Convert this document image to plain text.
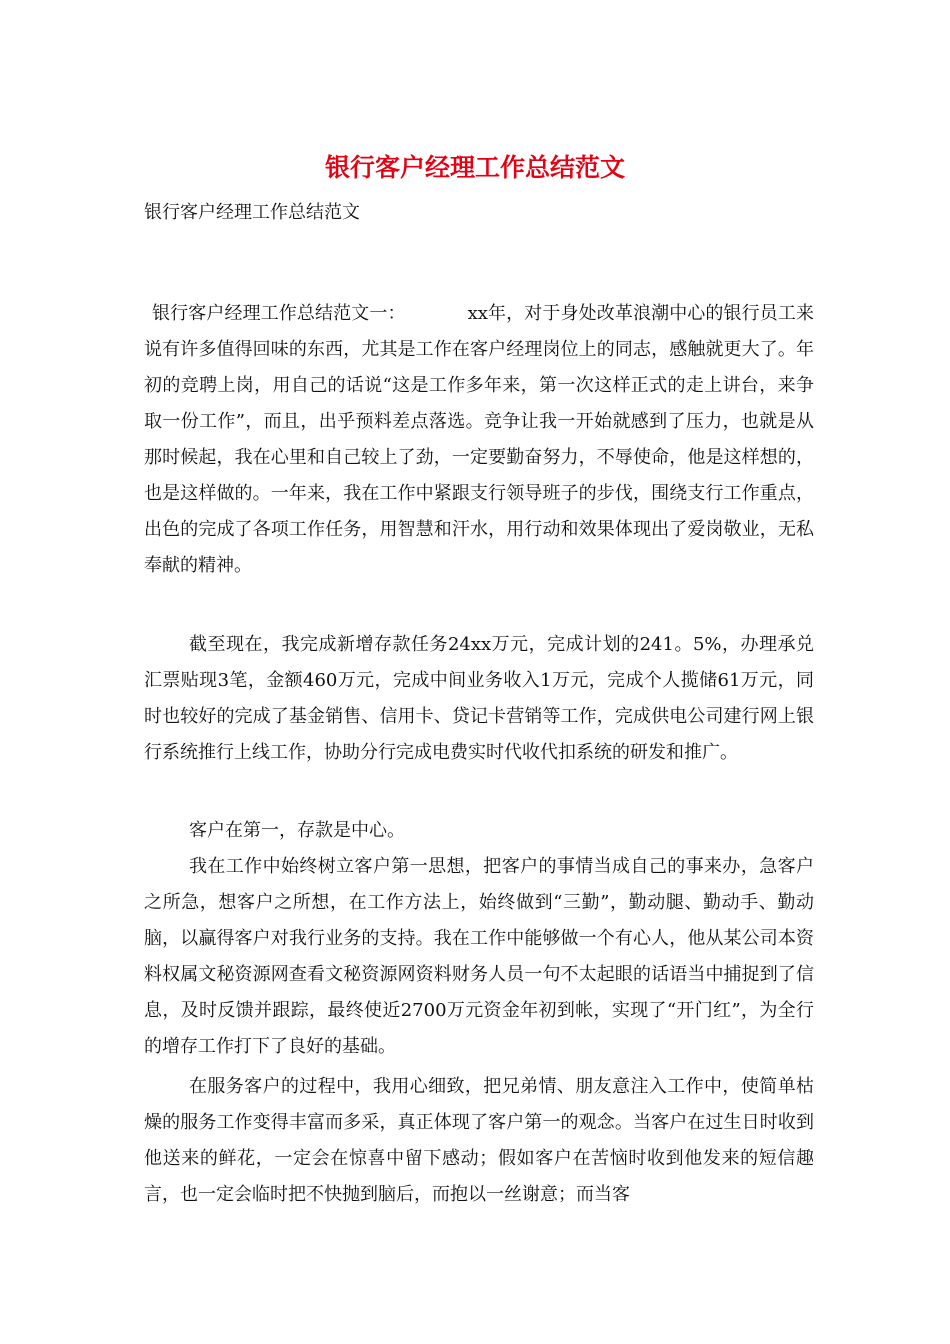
银行客户经理工作总结范文

银行客户经理工作总结范文

银行客户经理工作总结范文一：	xx年，对于身处改革浪潮中心的银行员工来说有许多值得回味的东西，尤其是工作在客户经理岗位上的同志，感触就更大了。年初的竞聘上岗，用自己的话说“这是工作多年来，第一次这样正式的走上讲台，来争取一份工作”，而且，出乎预料差点落选。竞争让我一开始就感到了压力，也就是从那时候起，我在心里和自己较上了劲，一定要勤奋努力，不辱使命，他是这样想的，也是这样做的。一年来，我在工作中紧跟支行领导班子的步伐，围绕支行工作重点，出色的完成了各项工作任务，用智慧和汗水，用行动和效果体现出了爱岗敬业，无私奉献的精神。

截至现在，我完成新增存款任务24xx万元，完成计划的241。5%，办理承兑汇票贴现3笔，金额460万元，完成中间业务收入1万元，完成个人揽储61万元，同时也较好的完成了基金销售、信用卡、贷记卡营销等工作，完成供电公司建行网上银行系统推行上线工作，协助分行完成电费实时代收代扣系统的研发和推广。

客户在第一，存款是中心。

我在工作中始终树立客户第一思想，把客户的事情当成自己的事来办，急客户之所急，想客户之所想，在工作方法上，始终做到“三勤”，勤动腿、勤动手、勤动脑，以赢得客户对我行业务的支持。我在工作中能够做一个有心人，他从某公司本资料权属文秘资源网查看文秘资源网资料财务人员一句不太起眼的话语当中捕捉到了信息，及时反馈并跟踪，最终使近2700万元资金年初到帐，实现了“开门红”，为全行的增存工作打下了良好的基础。

在服务客户的过程中，我用心细致，把兄弟情、朋友意注入工作中，使简单枯燥的服务工作变得丰富而多采，真正体现了客户第一的观念。当客户在过生日时收到他送来的鲜花，一定会在惊喜中留下感动；假如客户在苦恼时收到他发来的短信趣言，也一定会临时把不快抛到脑后，而抱以一丝谢意；而当客
